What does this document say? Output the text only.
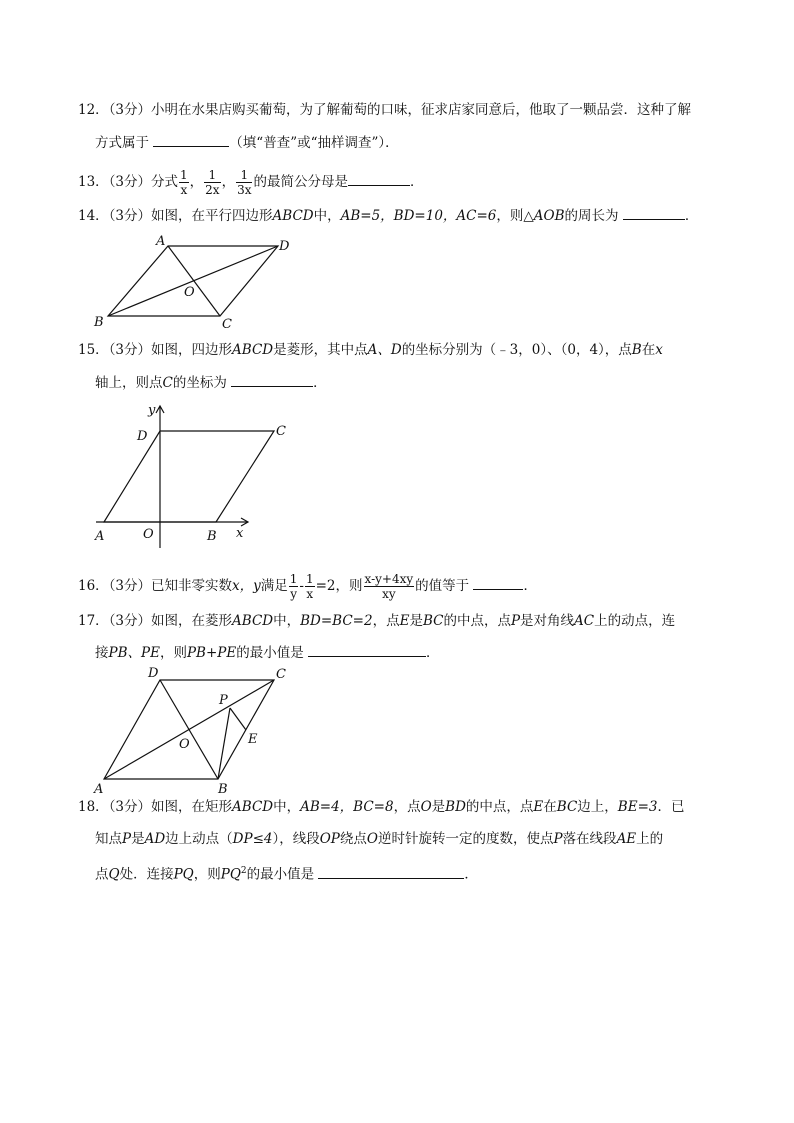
12．（3分）小明在水果店购买葡萄，为了解葡萄的口味，征求店家同意后，他取了一颗品尝．这种了解
方式属于	（填“普查”或“抽样调查”）．
13．（3分）分式 $\frac{1}{x}$ ， $\frac{1}{2x}$ ， $\frac{1}{3x}$ 的最简公分母是	．
14．（3分）如图，在平行四边形ABCD中，AB=5，BD=10，AC=6，则△AOB的周长为	．
A	D
O
B	C
15．（3分）如图，四边形ABCD是菱形，其中点A、D的坐标分别为（﹣3，0）、（0，4），点B在x
轴上，则点C的坐标为	．
y
x
D	C
A	O	B
16．（3分）已知非零实数x，y满足 $\frac{1}{y} - \frac{1}{x} =2$，则 $\frac{x-y+4xy}{xy}$ 的值等于	．
17．（3分）如图，在菱形ABCD中，BD=BC=2，点E是BC的中点，点P是对角线AC上的动点，连
接PB、PE，则PB+PE的最小值是	．
D	C
P
E
O
A	B
18．（3分）如图，在矩形ABCD中，AB=4，BC=8，点O是BD的中点，点E在BC边上，BE=3．已
知点P是AD边上动点（DP≤4），线段OP绕点O逆时针旋转一定的度数，使点P落在线段AE上的
点Q处．连接PQ，则$PQ^2$的最小值是	．
